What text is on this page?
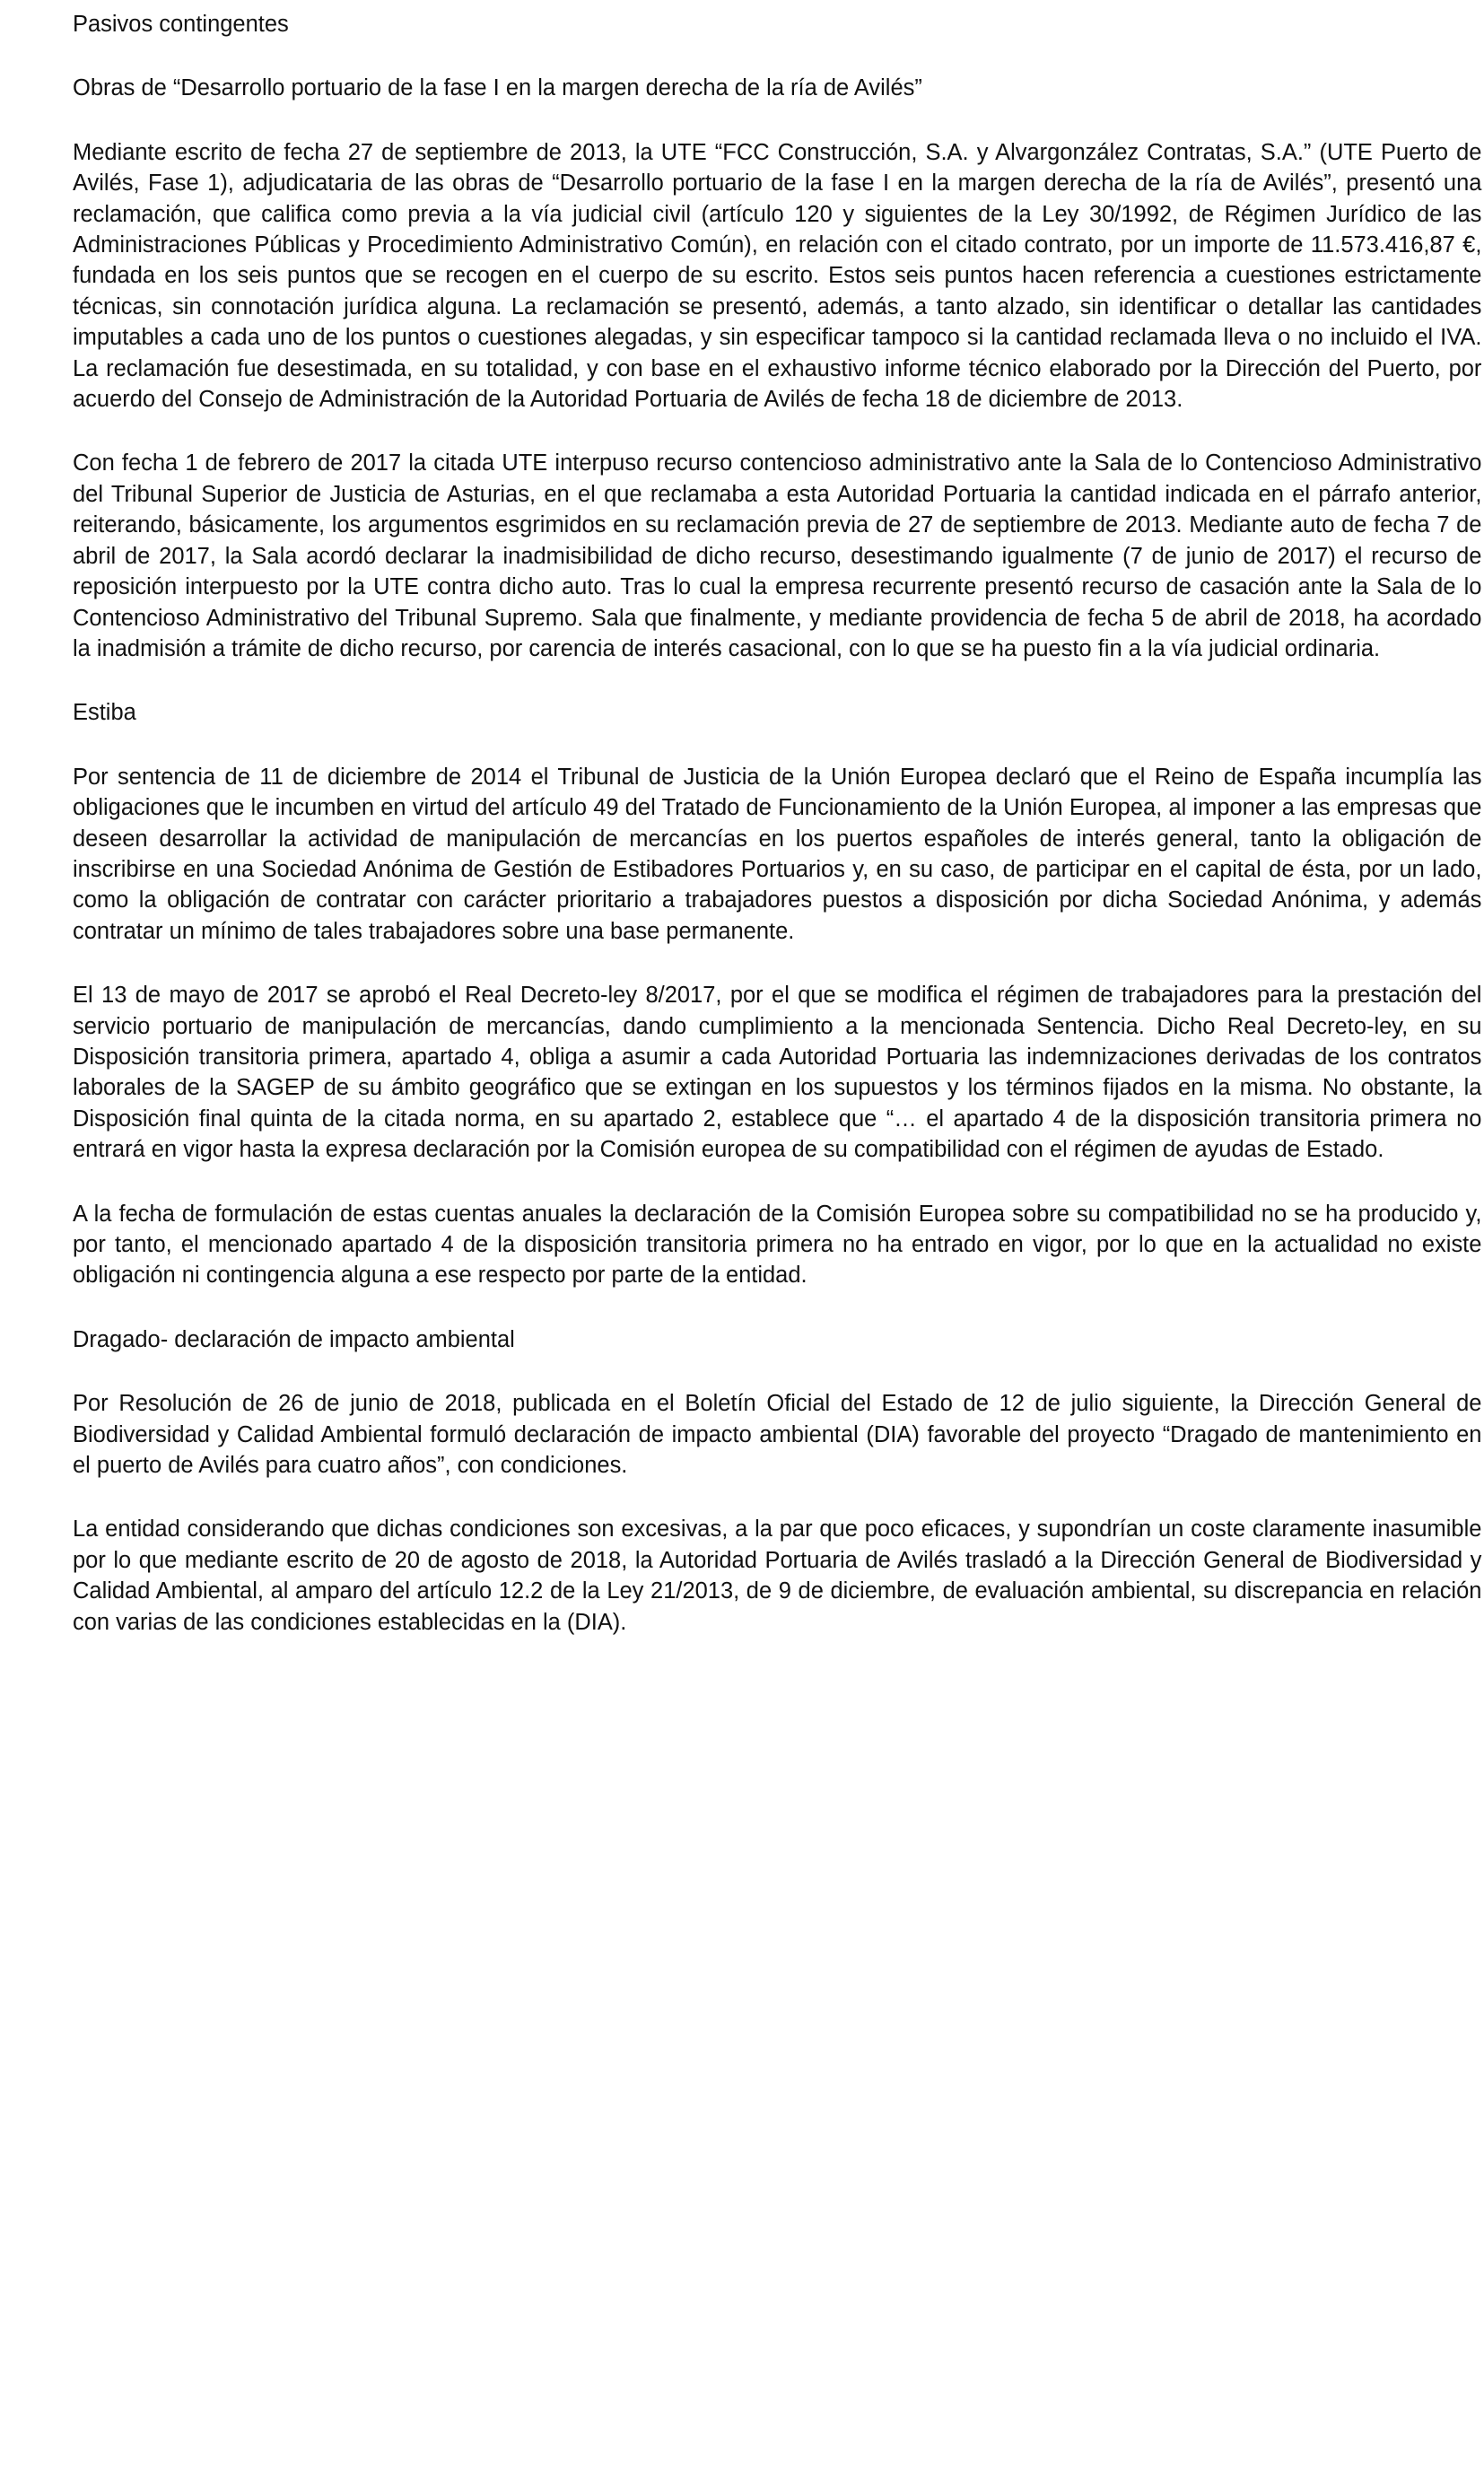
Pasivos contingentes

Obras de “Desarrollo portuario de la fase I en la margen derecha de la ría de Avilés”

Mediante escrito de fecha 27 de septiembre de 2013, la UTE “FCC Construcción, S.A. y Alvargonzález Contratas, S.A.” (UTE Puerto de Avilés, Fase 1), adjudicataria de las obras de “Desarrollo portuario de la fase I en la margen derecha de la ría de Avilés”, presentó una reclamación, que califica como previa a la vía judicial civil (artículo 120 y siguientes de la Ley 30/1992, de Régimen Jurídico de las Administraciones Públicas y Procedimiento Administrativo Común), en relación con el citado contrato, por un importe de 11.573.416,87 €, fundada en los seis puntos que se recogen en el cuerpo de su escrito. Estos seis puntos hacen referencia a cuestiones estrictamente técnicas, sin connotación jurídica alguna. La reclamación se presentó, además, a tanto alzado, sin identificar o detallar las cantidades imputables a cada uno de los puntos o cuestiones alegadas, y sin especificar tampoco si la cantidad reclamada lleva o no incluido el IVA. La reclamación fue desestimada, en su totalidad, y con base en el exhaustivo informe técnico elaborado por la Dirección del Puerto, por acuerdo del Consejo de Administración de la Autoridad Portuaria de Avilés de fecha 18 de diciembre de 2013.

Con fecha 1 de febrero de 2017 la citada UTE interpuso recurso contencioso administrativo ante la Sala de lo Contencioso Administrativo del Tribunal Superior de Justicia de Asturias, en el que reclamaba a esta Autoridad Portuaria la cantidad indicada en el párrafo anterior, reiterando, básicamente, los argumentos esgrimidos en su reclamación previa de 27 de septiembre de 2013. Mediante auto de fecha 7 de abril de 2017, la Sala acordó declarar la inadmisibilidad de dicho recurso, desestimando igualmente (7 de junio de 2017) el recurso de reposición interpuesto por la UTE contra dicho auto. Tras lo cual la empresa recurrente presentó recurso de casación ante la Sala de lo Contencioso Administrativo del Tribunal Supremo. Sala que finalmente, y mediante providencia de fecha 5 de abril de 2018, ha acordado la inadmisión a trámite de dicho recurso, por carencia de interés casacional, con lo que se ha puesto fin a la vía judicial ordinaria.

Estiba

Por sentencia de 11 de diciembre de 2014 el Tribunal de Justicia de la Unión Europea declaró que el Reino de España incumplía las obligaciones que le incumben en virtud del artículo 49 del Tratado de Funcionamiento de la Unión Europea, al imponer a las empresas que deseen desarrollar la actividad de manipulación de mercancías en los puertos españoles de interés general, tanto la obligación de inscribirse en una Sociedad Anónima de Gestión de Estibadores Portuarios y, en su caso, de participar en el capital de ésta, por un lado, como la obligación de contratar con carácter prioritario a trabajadores puestos a disposición por dicha Sociedad Anónima, y además contratar un mínimo de tales trabajadores sobre una base permanente.

El 13 de mayo de 2017 se aprobó el Real Decreto-ley 8/2017, por el que se modifica el régimen de trabajadores para la prestación del servicio portuario de manipulación de mercancías, dando cumplimiento a la mencionada Sentencia. Dicho Real Decreto-ley, en su Disposición transitoria primera, apartado 4, obliga a asumir a cada Autoridad Portuaria las indemnizaciones derivadas de los contratos laborales de la SAGEP de su ámbito geográfico que se extingan en los supuestos y los términos fijados en la misma. No obstante, la Disposición final quinta de la citada norma, en su apartado 2, establece que “… el apartado 4 de la disposición transitoria primera no entrará en vigor hasta la expresa declaración por la Comisión europea de su compatibilidad con el régimen de ayudas de Estado.

A la fecha de formulación de estas cuentas anuales la declaración de la Comisión Europea sobre su compatibilidad no se ha producido y, por tanto, el mencionado apartado 4 de la disposición transitoria primera no ha entrado en vigor, por lo que en la actualidad no existe obligación ni contingencia alguna a ese respecto por parte de la entidad.

Dragado- declaración de impacto ambiental

Por Resolución de 26 de junio de 2018, publicada en el Boletín Oficial del Estado de 12 de julio siguiente, la Dirección General de Biodiversidad y Calidad Ambiental formuló declaración de impacto ambiental (DIA) favorable del proyecto “Dragado de mantenimiento en el puerto de Avilés para cuatro años”, con condiciones.

La entidad considerando que dichas condiciones son excesivas, a la par que poco eficaces, y supondrían un coste claramente inasumible por lo que mediante escrito de 20 de agosto de 2018, la Autoridad Portuaria de Avilés trasladó a la Dirección General de Biodiversidad y Calidad Ambiental, al amparo del artículo 12.2 de la Ley 21/2013, de 9 de diciembre, de evaluación ambiental, su discrepancia en relación con varias de las condiciones establecidas en la (DIA).
